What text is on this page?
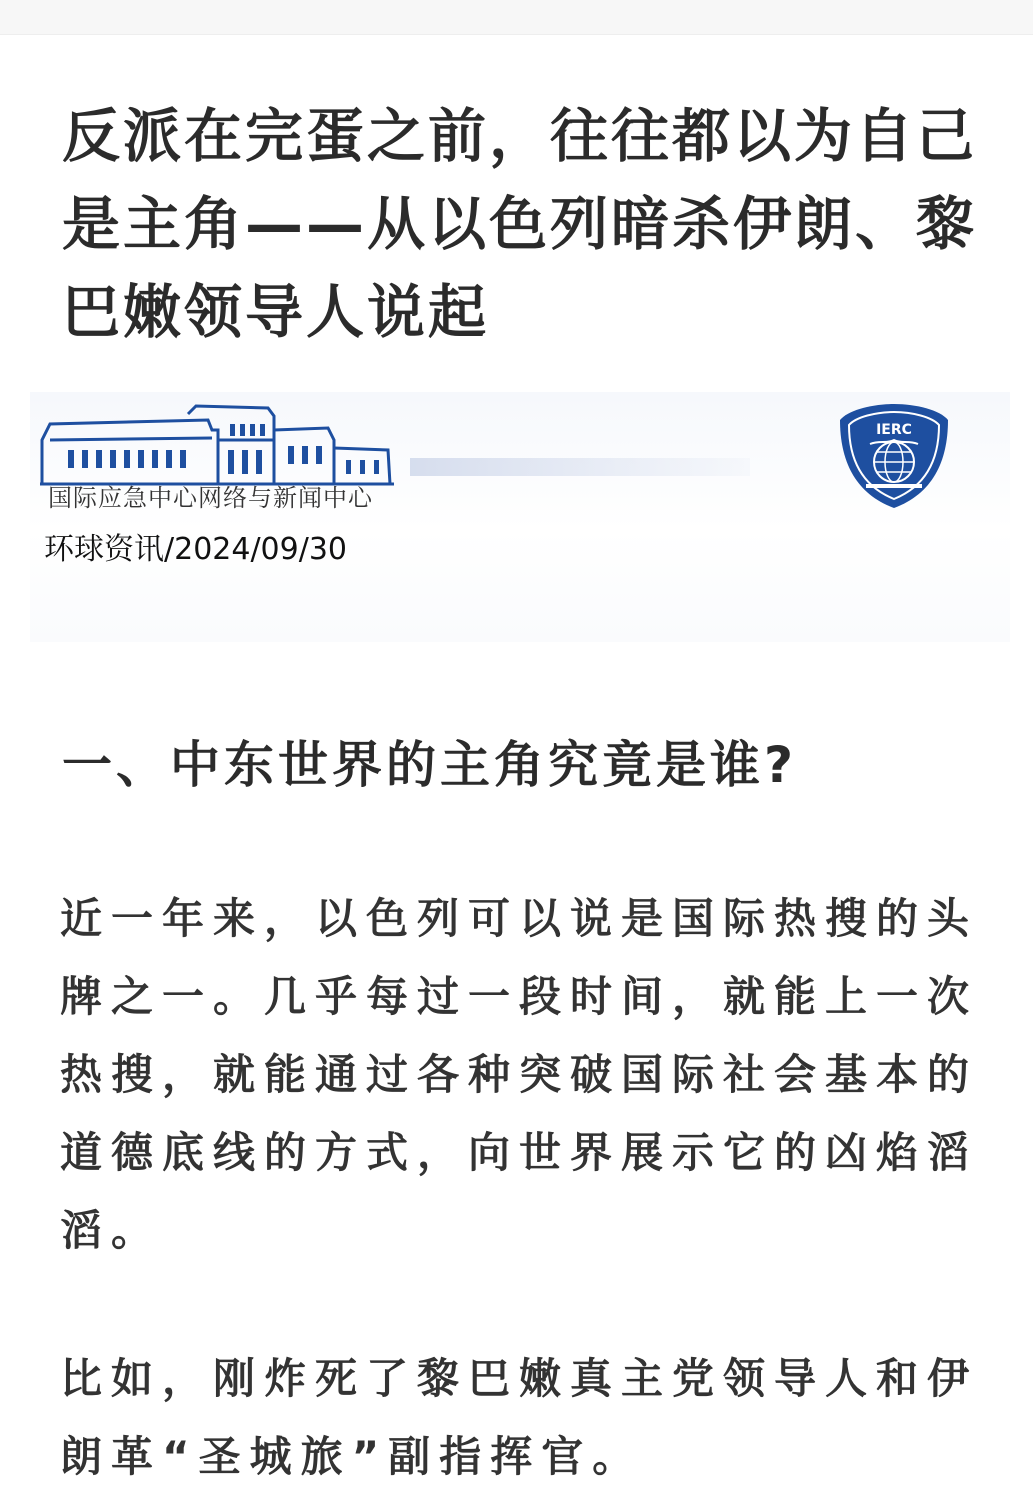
反派在完蛋之前，往往都以为自己是主角——从以色列暗杀伊朗、黎巴嫩领导人说起
国际应急中心网络与新闻中心
环球资讯/2024/09/30
IERC
一、中东世界的主角究竟是谁?

近一年来，以色列可以说是国际热搜的头牌之一。几乎每过一段时间，就能上一次热搜，就能通过各种突破国际社会基本的道德底线的方式，向世界展示它的凶焰滔滔。

比如，刚炸死了黎巴嫩真主党领导人和伊朗革“圣城旅”副指挥官。
